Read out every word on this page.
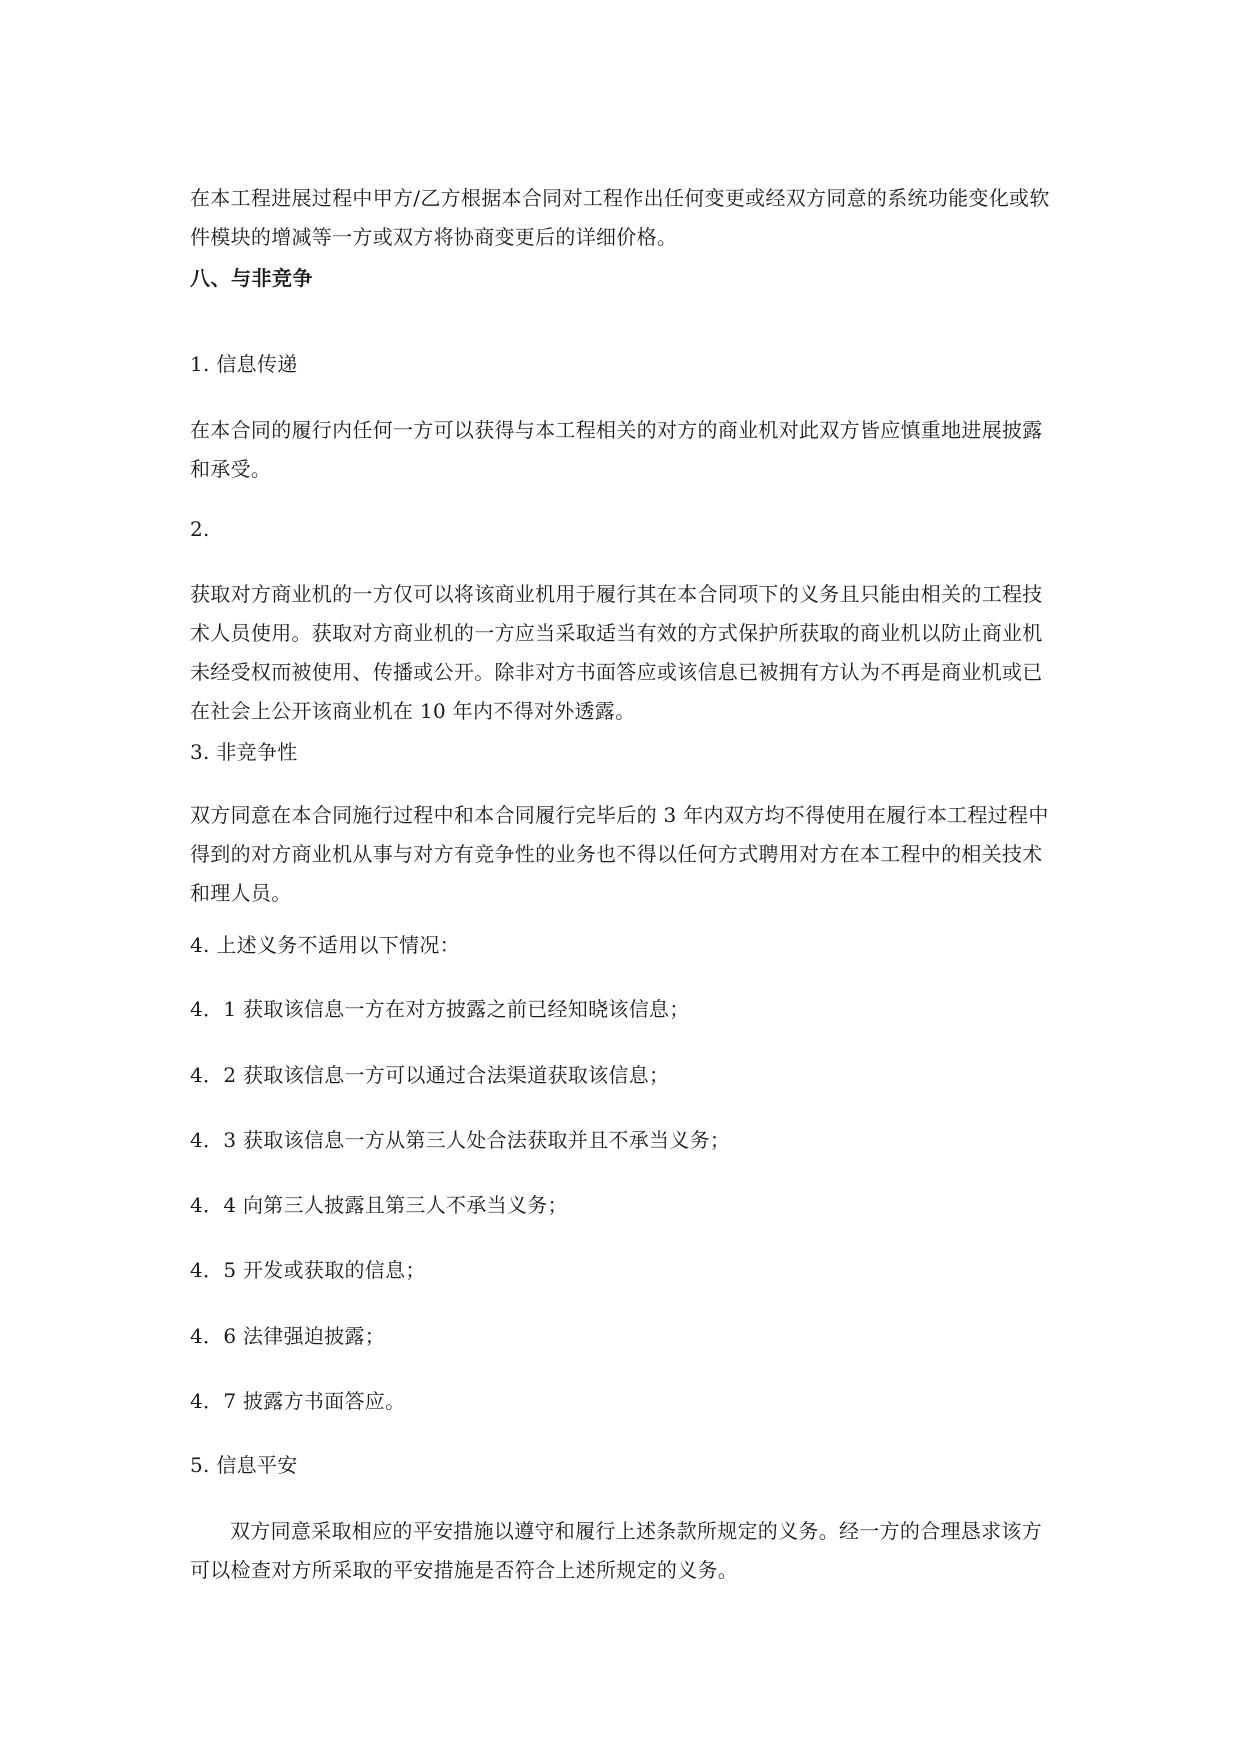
在本工程进展过程中甲方/乙方根据本合同对工程作出任何变更或经双方同意的系统功能变化或软件模块的增减等一方或双方将协商变更后的详细价格。

八、与非竞争

1. 信息传递

在本合同的履行内任何一方可以获得与本工程相关的对方的商业机对此双方皆应慎重地进展披露和承受。

2.

获取对方商业机的一方仅可以将该商业机用于履行其在本合同项下的义务且只能由相关的工程技术人员使用。获取对方商业机的一方应当采取适当有效的方式保护所获取的商业机以防止商业机未经受权而被使用、传播或公开。除非对方书面答应或该信息已被拥有方认为不再是商业机或已在社会上公开该商业机在 10 年内不得对外透露。

3. 非竞争性

双方同意在本合同施行过程中和本合同履行完毕后的 3 年内双方均不得使用在履行本工程过程中得到的对方商业机从事与对方有竞争性的业务也不得以任何方式聘用对方在本工程中的相关技术和理人员。

4. 上述义务不适用以下情况：

4．1 获取该信息一方在对方披露之前已经知晓该信息；

4．2 获取该信息一方可以通过合法渠道获取该信息；

4．3 获取该信息一方从第三人处合法获取并且不承当义务；

4．4 向第三人披露且第三人不承当义务；

4．5 开发或获取的信息；

4．6 法律强迫披露；

4．7 披露方书面答应。

5. 信息平安

双方同意采取相应的平安措施以遵守和履行上述条款所规定的义务。经一方的合理恳求该方可以检查对方所采取的平安措施是否符合上述所规定的义务。
